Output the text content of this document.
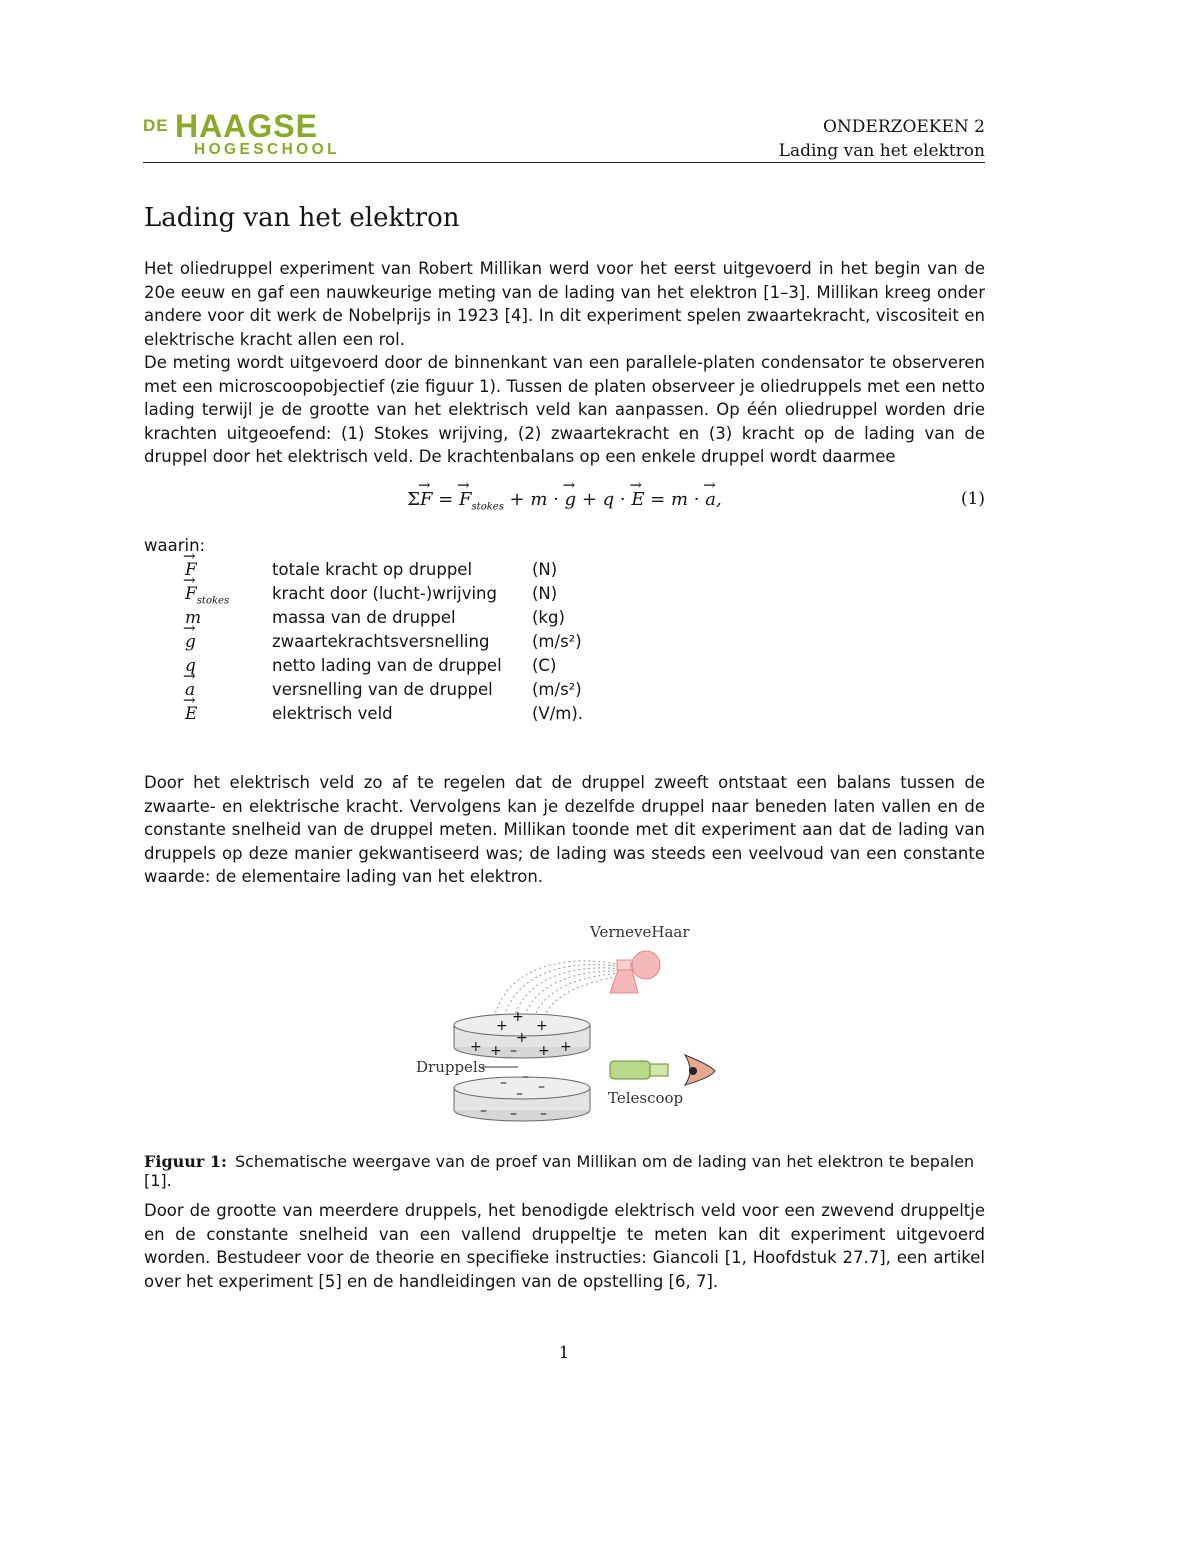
DE HAAGSE
HOGESCHOOL
ONDERZOEKEN 2
Lading van het elektron
Lading van het elektron
Het oliedruppel experiment van Robert Millikan werd voor het eerst uitgevoerd in het begin van de 20e eeuw en gaf een nauwkeurige meting van de lading van het elektron [1–3]. Millikan kreeg onder andere voor dit werk de Nobelprijs in 1923 [4]. In dit experiment spelen zwaartekracht, viscositeit en elektrische kracht allen een rol.
De meting wordt uitgevoerd door de binnenkant van een parallele-platen condensator te observeren met een microscoopobjectief (zie figuur 1). Tussen de platen observeer je oliedruppels met een netto lading terwijl je de grootte van het elektrisch veld kan aanpassen. Op één oliedruppel worden drie krachten uitgeoefend: (1) Stokes wrijving, (2) zwaartekracht en (3) kracht op de lading van de druppel door het elektrisch veld. De krachtenbalans op een enkele druppel wordt daarmee
Σ→ F = → $F_{stokes} + m$ · → g + q · → E = m · → a,	(1)
waarin:
→ F	totale kracht op druppel	(N)
→ $F_{stokes}$	kracht door (lucht-)wrijving (N)
m	massa van de druppel	(kg)
→ g	zwaartekrachtsversnelling	(m/s²)
q	netto lading van de druppel (C)
→ a	versnelling van de druppel (m/s²)
→ E	elektrisch veld	(V/m).
Door het elektrisch veld zo af te regelen dat de druppel zweeft ontstaat een balans tussen de zwaarte- en elektrische kracht. Vervolgens kan je dezelfde druppel naar beneden laten vallen en de constante snelheid van de druppel meten. Millikan toonde met dit experiment aan dat de lading van druppels op deze manier gekwantiseerd was; de lading was steeds een veelvoud van een constante waarde: de elementaire lading van het elektron.
VerneveHaar
+
+
+
+
+ + – + +
– –
–
–
– – –
Druppels
Telescoop
Figuur 1: Schematische weergave van de proef van Millikan om de lading van het elektron te bepalen [1].
Door de grootte van meerdere druppels, het benodigde elektrisch veld voor een zwevend druppeltje en de constante snelheid van een vallend druppeltje te meten kan dit experiment uitgevoerd worden. Bestudeer voor de theorie en specifieke instructies: Giancoli [1, Hoofdstuk 27.7], een artikel over het experiment [5] en de handleidingen van de opstelling [6, 7].
1
